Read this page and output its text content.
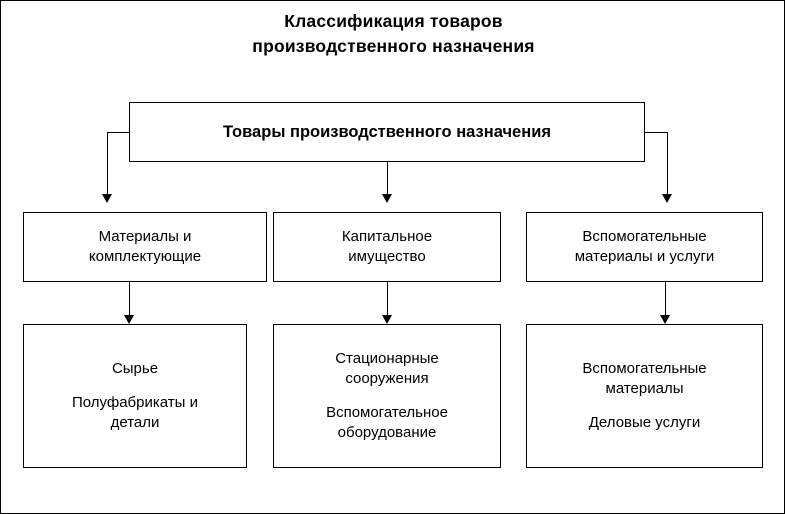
Классификация товаров
производственного назначения
Товары производственного назначения
Материалы и
комплектующие
Капитальное
имущество
Вспомогательные
материалы и услуги
Сырье
Полуфабрикаты и
детали
Стационарные
сооружения
Вспомогательное
оборудование
Вспомогательные
материалы
Деловые услуги
